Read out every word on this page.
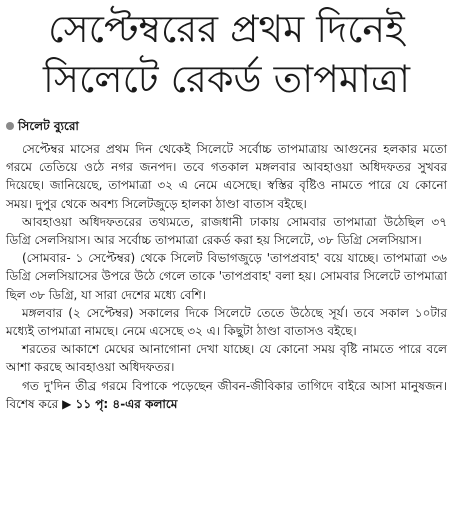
সেপ্টেম্বরের প্রথম দিনেই
সিলেটে রেকর্ড তাপমাত্রা
সিলেট ব্যুরো

সেপ্টেম্বর মাসের প্রথম দিন থেকেই সিলেটে সর্বোচ্চ তাপমাত্রায় আগুনের হলকার মতো গরমে তেতিয়ে ওঠে নগর জনপদ। তবে গতকাল মঙ্গলবার আবহাওয়া অধিদফতর সুখবর দিয়েছে। জানিয়েছে, তাপমাত্রা ৩২ এ নেমে এসেছে। স্বস্তির বৃষ্টিও নামতে পারে যে কোনো সময়। দুপুর থেকে অবশ্য সিলেটজুড়ে হালকা ঠাণ্ডা বাতাস বইছে।

আবহাওয়া অধিদফতরের তথ্যমতে, রাজধানী ঢাকায় সোমবার তাপমাত্রা উঠেছিল ৩৭ ডিগ্রি সেলসিয়াস। আর সর্বোচ্চ তাপমাত্রা রেকর্ড করা হয় সিলেটে, ৩৮ ডিগ্রি সেলসিয়াস।

(সোমবার- ১ সেপ্টেম্বর) থেকে সিলেট বিভাগজুড়ে 'তাপপ্রবাহ' বয়ে যাচ্ছে। তাপমাত্রা ৩৬ ডিগ্রি সেলসিয়াসের উপরে উঠে গেলে তাকে 'তাপপ্রবাহ' বলা হয়। সোমবার সিলেটে তাপমাত্রা ছিল ৩৮ ডিগ্রি, যা সারা দেশের মধ্যে বেশি।

মঙ্গলবার (২ সেপ্টেম্বর) সকালের দিকে সিলেটে তেতে উঠেছে সূর্য। তবে সকাল ১০টার মধ্যেই তাপমাত্রা নামছে। নেমে এসেছে ৩২ এ। কিছুটা ঠাণ্ডা বাতাসও বইছে।

শরতের আকাশে মেঘের আনাগোনা দেখা যাচ্ছে। যে কোনো সময় বৃষ্টি নামতে পারে বলে আশা করছে আবহাওয়া অধিদফতর।

গত দু'দিন তীব্র গরমে বিপাকে পড়েছেন জীবন-জীবিকার তাগিদে বাইরে আসা মানুষজন। বিশেষ করে ▶ ১১ পৃ: ৪-এর কলামে
